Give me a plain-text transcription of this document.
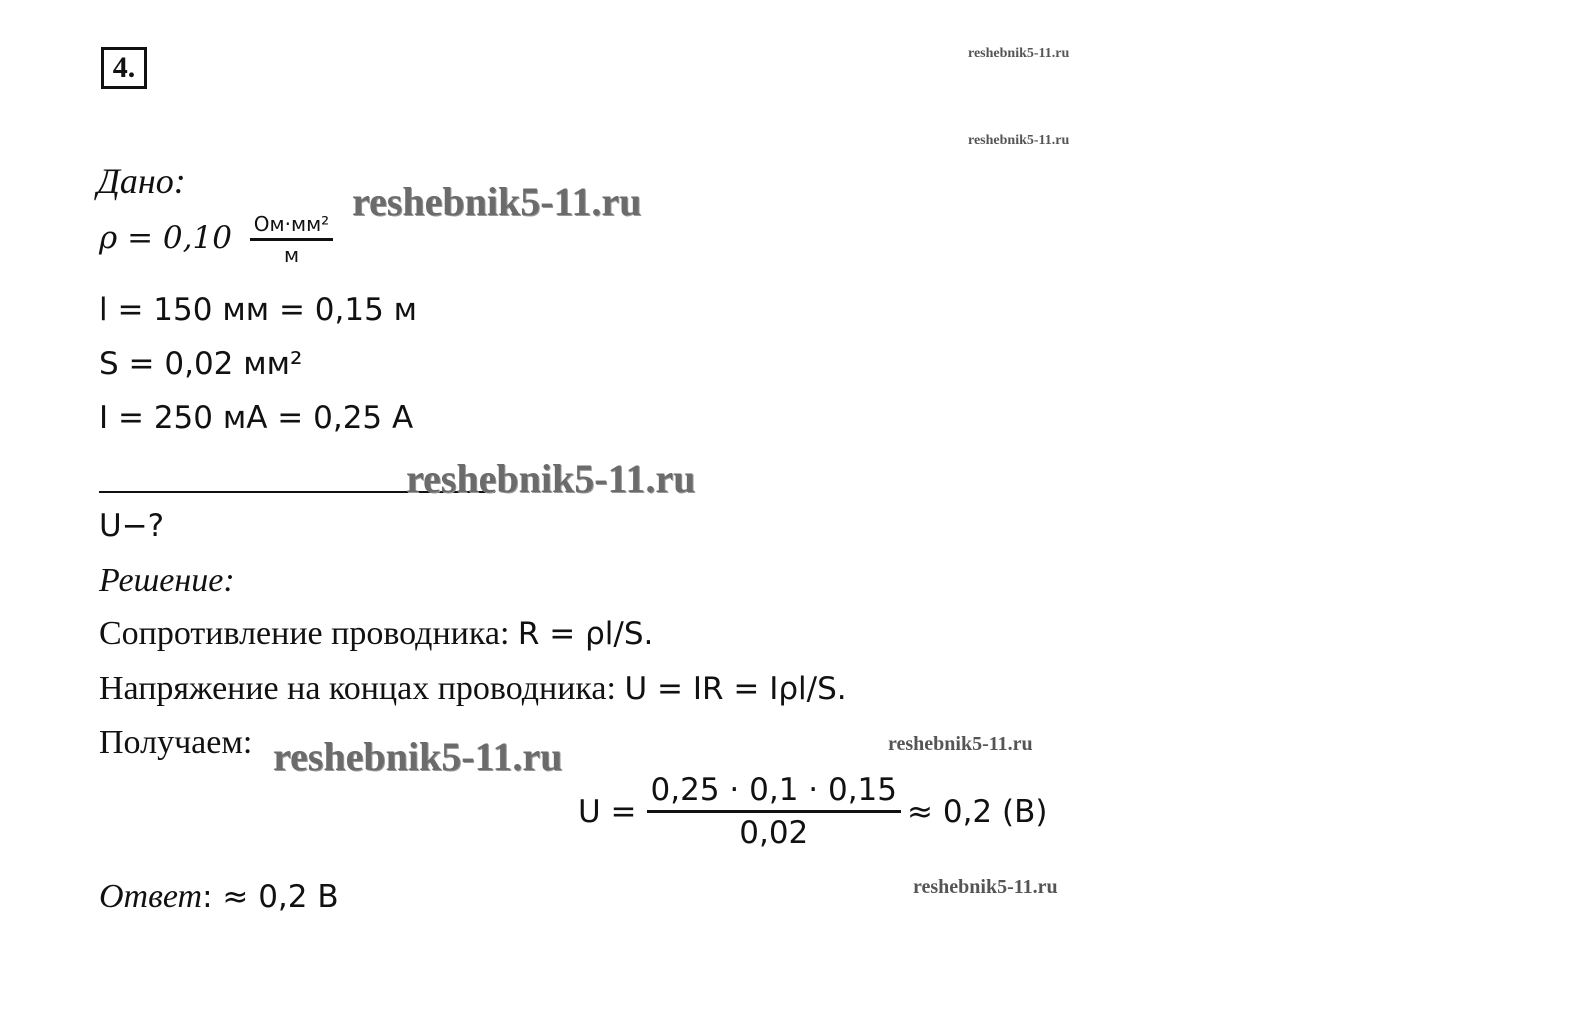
4.	reshebnik5-11.ru
reshebnik5-11.ru
Дано:	reshebnik5-11.ru
$\rho = 0,10 \frac{\text{Ом·мм²}}{м}$
l = 150 мм = 0,15 м
S = 0,02 мм²
I = 250 мА = 0,25 А
reshebnik5-11.ru
U−?
Решение:
Сопротивление проводника: R = ρl/S.
Напряжение на концах проводника: U = IR = Iρl/S.
Получаем: reshebnik5-11.ru	reshebnik5-11.ru
$U = \frac{0,25 \cdot 0,1 \cdot 0,15}{0,02} \approx 0,2$ (В)
Ответ: ≈ 0,2 В	reshebnik5-11.ru
